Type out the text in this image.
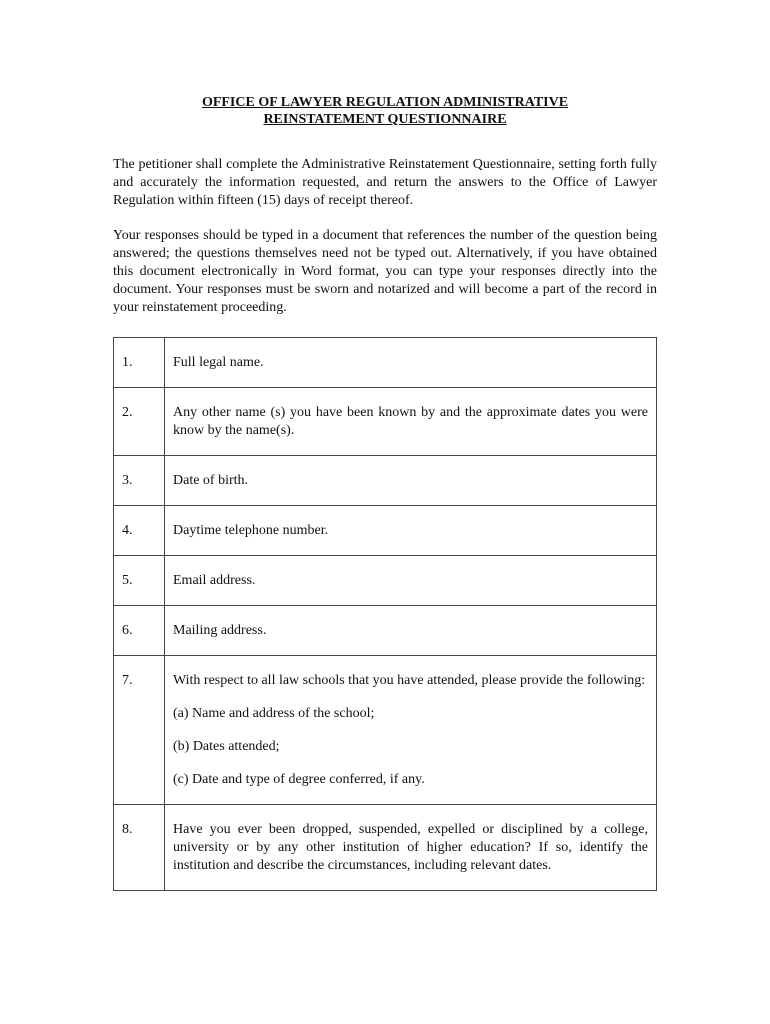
OFFICE OF LAWYER REGULATION ADMINISTRATIVE

REINSTATEMENT QUESTIONNAIRE

The petitioner shall complete the Administrative Reinstatement Questionnaire, setting forth fully and accurately the information requested, and return the answers to the Office of Lawyer Regulation within fifteen (15) days of receipt thereof.

Your responses should be typed in a document that references the number of the question being answered; the questions themselves need not be typed out. Alternatively, if you have obtained this document electronically in Word format, you can type your responses directly into the document. Your responses must be sworn and notarized and will become a part of the record in your reinstatement proceeding.

1.	Full legal name.
2.	Any other name (s) you have been known by and the approximate dates you were know by the name(s).
3.	Date of birth.
4.	Daytime telephone number.
5.	Email address.
6.	Mailing address.
7.	With respect to all law schools that you have attended, please provide the following:
(a) Name and address of the school;
(b) Dates attended;
(c) Date and type of degree conferred, if any.

8.	Have you ever been dropped, suspended, expelled or disciplined by a college, university or by any other institution of higher education? If so, identify the institution and describe the circumstances, including relevant dates.
